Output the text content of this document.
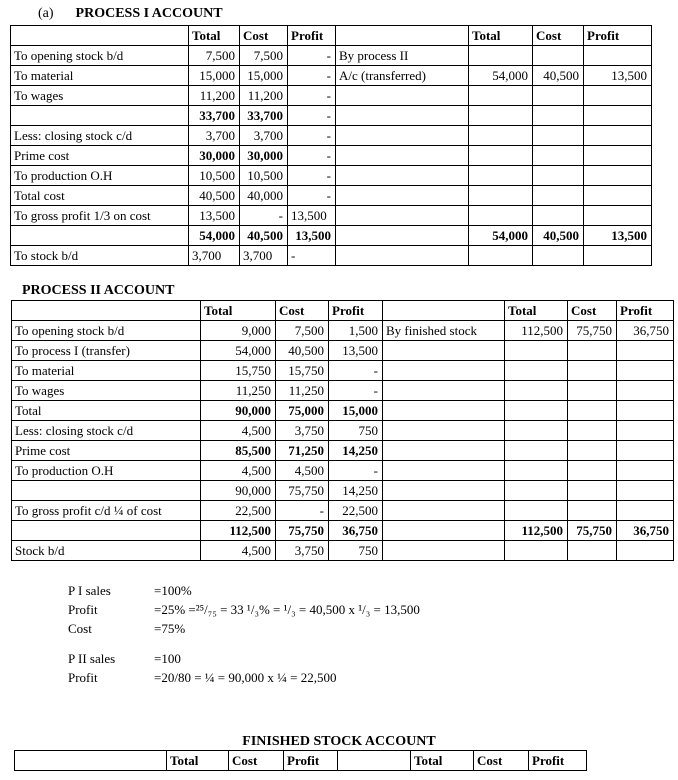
(a) PROCESS I ACCOUNT
	Total	Cost	Profit		Total	Cost	Profit
To opening stock b/d	7,500	7,500	-	By process II			
To material	15,000	15,000	-	A/c (transferred)	54,000	40,500	13,500
To wages	11,200	11,200	-				
	33,700	33,700	-				
Less: closing stock c/d	3,700	3,700	-				
Prime cost	30,000	30,000	-				
To production O.H	10,500	10,500	-				
Total cost	40,500	40,000	-				
To gross profit 1/3 on cost	13,500	-	13,500				
	54,000	40,500	13,500		54,000	40,500	13,500
To stock b/d	3,700	3,700	-				
PROCESS II ACCOUNT
	Total	Cost	Profit		Total	Cost	Profit
To opening stock b/d	9,000	7,500	1,500	By finished stock	112,500	75,750	36,750
To process I (transfer)	54,000	40,500	13,500				
To material	15,750	15,750	-				
To wages	11,250	11,250	-				
Total	90,000	75,000	15,000				
Less: closing stock c/d	4,500	3,750	750				
Prime cost	85,500	71,250	14,250				
To production O.H	4,500	4,500	-				
	90,000	75,750	14,250				
To gross profit c/d ¼ of cost	22,500	-	22,500				
	112,500	75,750	36,750		112,500	75,750	36,750
Stock b/d	4,500	3,750	750				
P I sales	=100%
Profit	=25% =²⁵/₇₅ = 33 ¹/₃% = ¹/₃ = 40,500 x ¹/₃ = 13,500
Cost	=75%
P II sales	=100
Profit	=20/80 = ¼ = 90,000 x ¼ = 22,500
FINISHED STOCK ACCOUNT
	Total	Cost	Profit		Total	Cost	Profit
